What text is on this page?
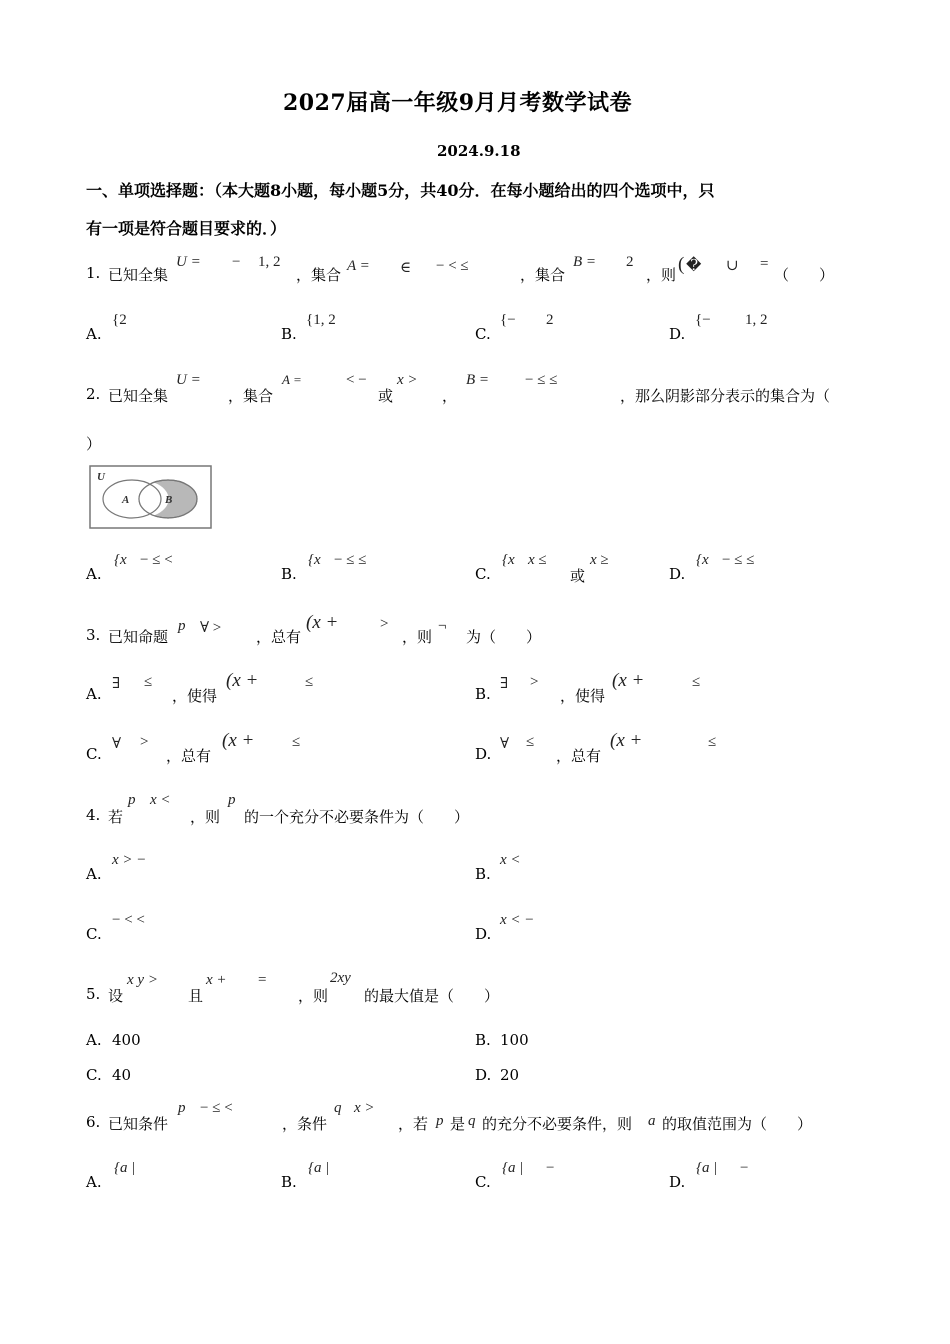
2027届高一年级9月月考数学试卷
2024.9.18
一、单项选择题：（本大题8小题，每小题5分，共40分．在每小题给出的四个选项中，只
有一项是符合题目要求的．）
1. 已知全集
U = − 1, 2
，集合 A = ∈ − < ≤	，集合
B = 2
，则 ( � ∪ =
（　　）
A.
{2
B.
{1, 2
C.
{− 2
D.
{− 1, 2
2. 已知全集
U =
，集合
A =	< − x >
或	，
B = − ≤ ≤
，那么阴影部分表示的集合为（
）
U
A	B
A.
{x − ≤ <
B.
{x − ≤ ≤
C.
{x x ≤
或
x ≥
D.
{x − ≤ ≤
3. 已知命题
p ∀ > ，总有
(x +	>
，则
¬
为（　　）
A.
∃ ≤
，使得
(x +	≤
B.
∃ >
，使得
(x +	≤
C.
∀ >
，总有
(x +	≤
D.
∀ ≤
，总有
(x +	≤
4. 若
p x <
，则
p
的一个充分不必要条件为（　　）
A.
x > −
B.
x <
C.
− < <
D.
x < −
5. 设
x y >
且
x + =
，则
2xy
的最大值是（　　）
A. 400	B. 100
C. 40	D. 20
6. 已知条件
p − ≤ <
，条件
q x >
，若 p 是 q 的充分不必要条件，则 a 的取值范围为（　　）
A.
{a |
B.
{a |
C.
{a | −
D.
{a | −
